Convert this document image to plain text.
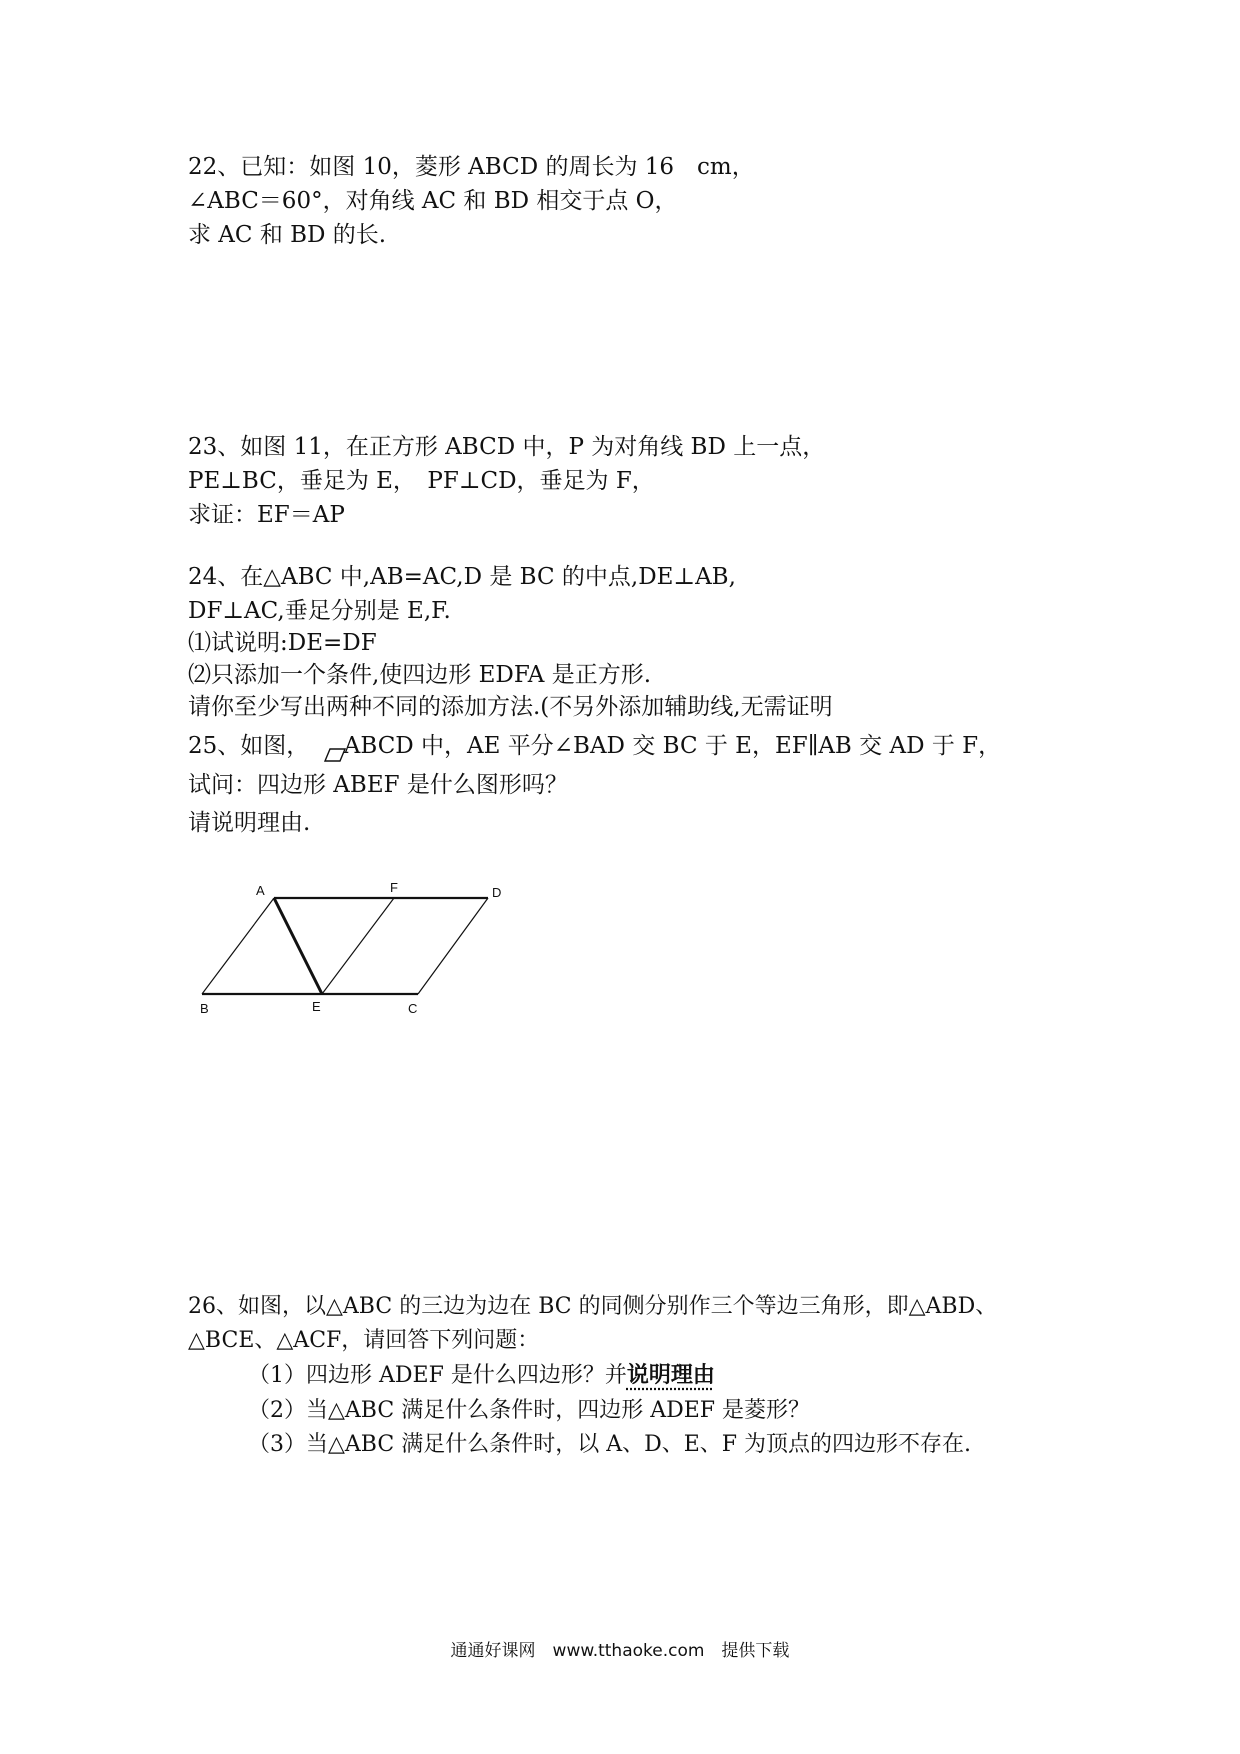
22、已知：如图 10，菱形 ABCD 的周长为 16　cm，
∠ABC＝60°，对角线 AC 和 BD 相交于点 O，
求 AC 和 BD 的长.
23、如图 11，在正方形 ABCD 中，P 为对角线 BD 上一点，
PE⊥BC，垂足为 E，　PF⊥CD，垂足为 F，
求证：EF＝AP
24、在△ABC 中,AB=AC,D 是 BC 的中点,DE⊥AB,
DF⊥AC,垂足分别是 E,F.
⑴试说明:DE=DF
⑵只添加一个条件,使四边形 EDFA 是正方形.
请你至少写出两种不同的添加方法.(不另外添加辅助线,无需证明
25、如图，　　ABCD 中，AE 平分∠BAD 交 BC 于 E，EF∥AB 交 AD 于 F，
试问：四边形 ABEF 是什么图形吗？
请说明理由.
A	F	D
B	E	C
26、如图，以△ABC 的三边为边在 BC 的同侧分别作三个等边三角形，即△ABD、
△BCE、△ACF，请回答下列问题：
（1）四边形 ADEF 是什么四边形？并说明理由
（2）当△ABC 满足什么条件时，四边形 ADEF 是菱形？
（3）当△ABC 满足什么条件时，以 A、D、E、F 为顶点的四边形不存在.
通通好课网　www.tthaoke.com　提供下载
